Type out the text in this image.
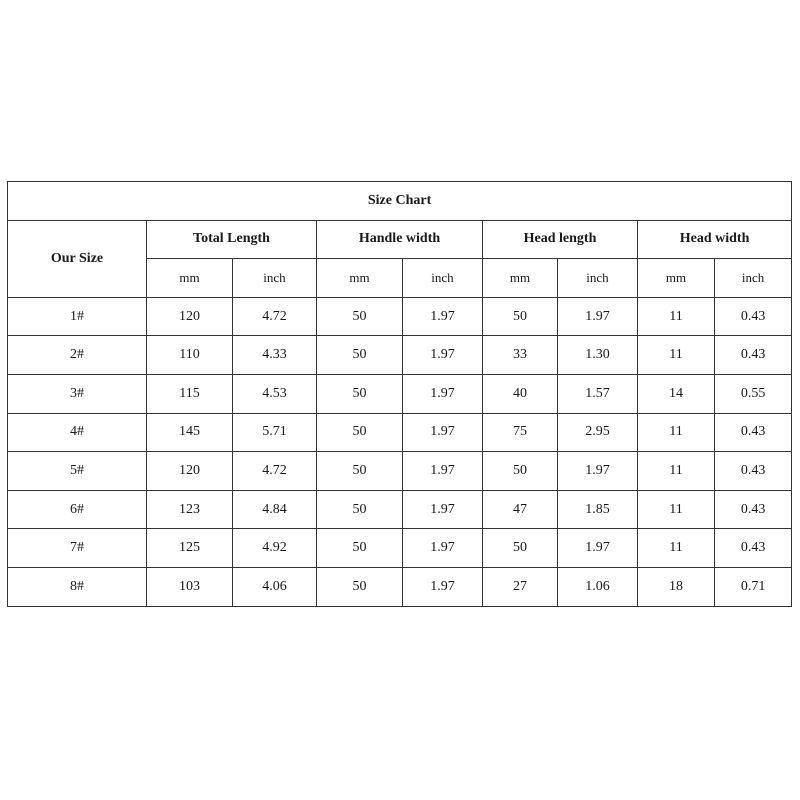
Size Chart								
Our Size	Total Length		Handle width		Head length		Head width	
	mm	inch	mm	inch	mm	inch	mm	inch
1#	120	4.72	50	1.97	50	1.97	11	0.43
2#	110	4.33	50	1.97	33	1.30	11	0.43
3#	115	4.53	50	1.97	40	1.57	14	0.55
4#	145	5.71	50	1.97	75	2.95	11	0.43
5#	120	4.72	50	1.97	50	1.97	11	0.43
6#	123	4.84	50	1.97	47	1.85	11	0.43
7#	125	4.92	50	1.97	50	1.97	11	0.43
8#	103	4.06	50	1.97	27	1.06	18	0.71
